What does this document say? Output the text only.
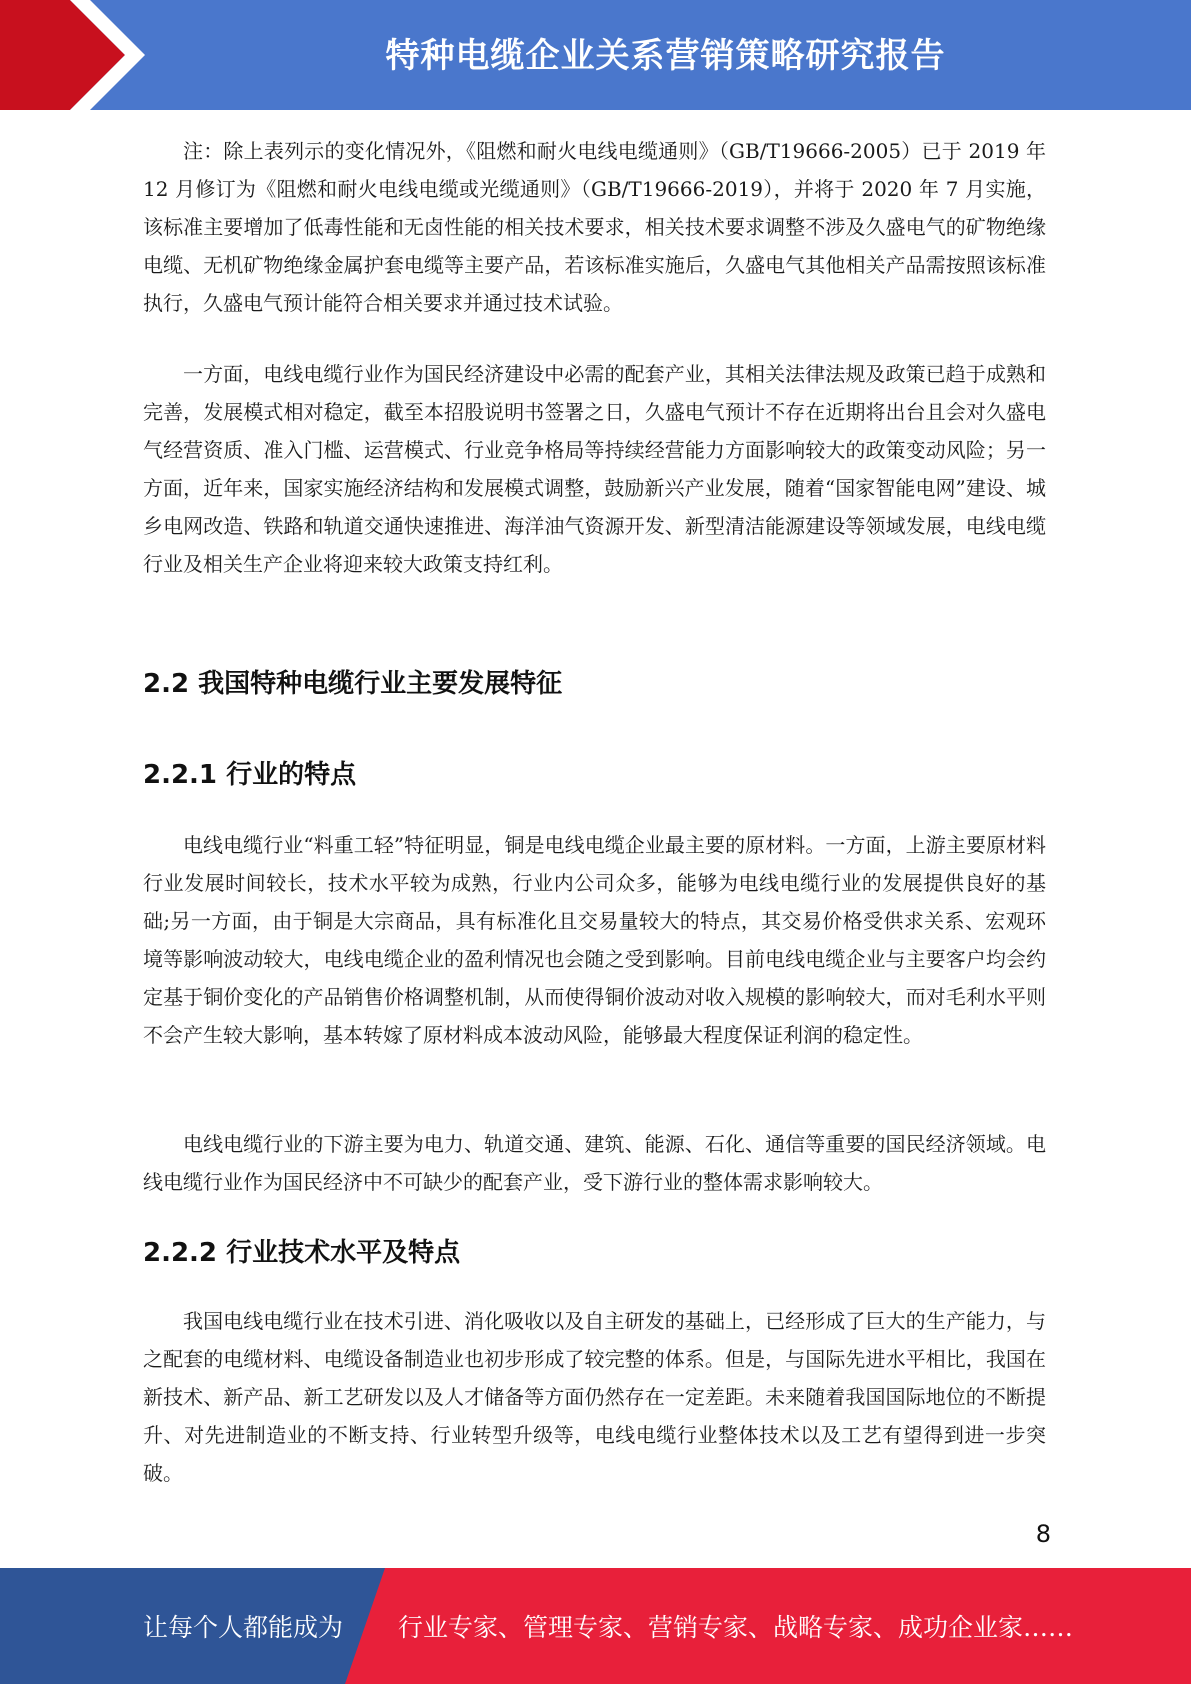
特种电缆企业关系营销策略研究报告

注：除上表列示的变化情况外，《阻燃和耐火电线电缆通则》（GB/T19666-2005）已于 2019 年 12 月修订为《阻燃和耐火电线电缆或光缆通则》（GB/T19666-2019），并将于 2020 年 7 月实施，该标准主要增加了低毒性能和无卤性能的相关技术要求，相关技术要求调整不涉及久盛电气的矿物绝缘电缆、无机矿物绝缘金属护套电缆等主要产品，若该标准实施后，久盛电气其他相关产品需按照该标准执行，久盛电气预计能符合相关要求并通过技术试验。

一方面，电线电缆行业作为国民经济建设中必需的配套产业，其相关法律法规及政策已趋于成熟和完善，发展模式相对稳定，截至本招股说明书签署之日，久盛电气预计不存在近期将出台且会对久盛电气经营资质、准入门槛、运营模式、行业竞争格局等持续经营能力方面影响较大的政策变动风险；另一方面，近年来，国家实施经济结构和发展模式调整，鼓励新兴产业发展，随着“国家智能电网”建设、城乡电网改造、铁路和轨道交通快速推进、海洋油气资源开发、新型清洁能源建设等领域发展，电线电缆行业及相关生产企业将迎来较大政策支持红利。

2.2 我国特种电缆行业主要发展特征
2.2.1 行业的特点

电线电缆行业“料重工轻”特征明显，铜是电线电缆企业最主要的原材料。一方面，上游主要原材料行业发展时间较长，技术水平较为成熟，行业内公司众多，能够为电线电缆行业的发展提供良好的基础;另一方面，由于铜是大宗商品，具有标准化且交易量较大的特点，其交易价格受供求关系、宏观环境等影响波动较大，电线电缆企业的盈利情况也会随之受到影响。目前电线电缆企业与主要客户均会约定基于铜价变化的产品销售价格调整机制，从而使得铜价波动对收入规模的影响较大，而对毛利水平则不会产生较大影响，基本转嫁了原材料成本波动风险，能够最大程度保证利润的稳定性。

电线电缆行业的下游主要为电力、轨道交通、建筑、能源、石化、通信等重要的国民经济领域。电线电缆行业作为国民经济中不可缺少的配套产业，受下游行业的整体需求影响较大。

2.2.2 行业技术水平及特点

我国电线电缆行业在技术引进、消化吸收以及自主研发的基础上，已经形成了巨大的生产能力，与之配套的电缆材料、电缆设备制造业也初步形成了较完整的体系。但是，与国际先进水平相比，我国在新技术、新产品、新工艺研发以及人才储备等方面仍然存在一定差距。未来随着我国国际地位的不断提升、对先进制造业的不断支持、行业转型升级等，电线电缆行业整体技术以及工艺有望得到进一步突破。

8
让每个人都能成为 行业专家、管理专家、营销专家、战略专家、成功企业家……
